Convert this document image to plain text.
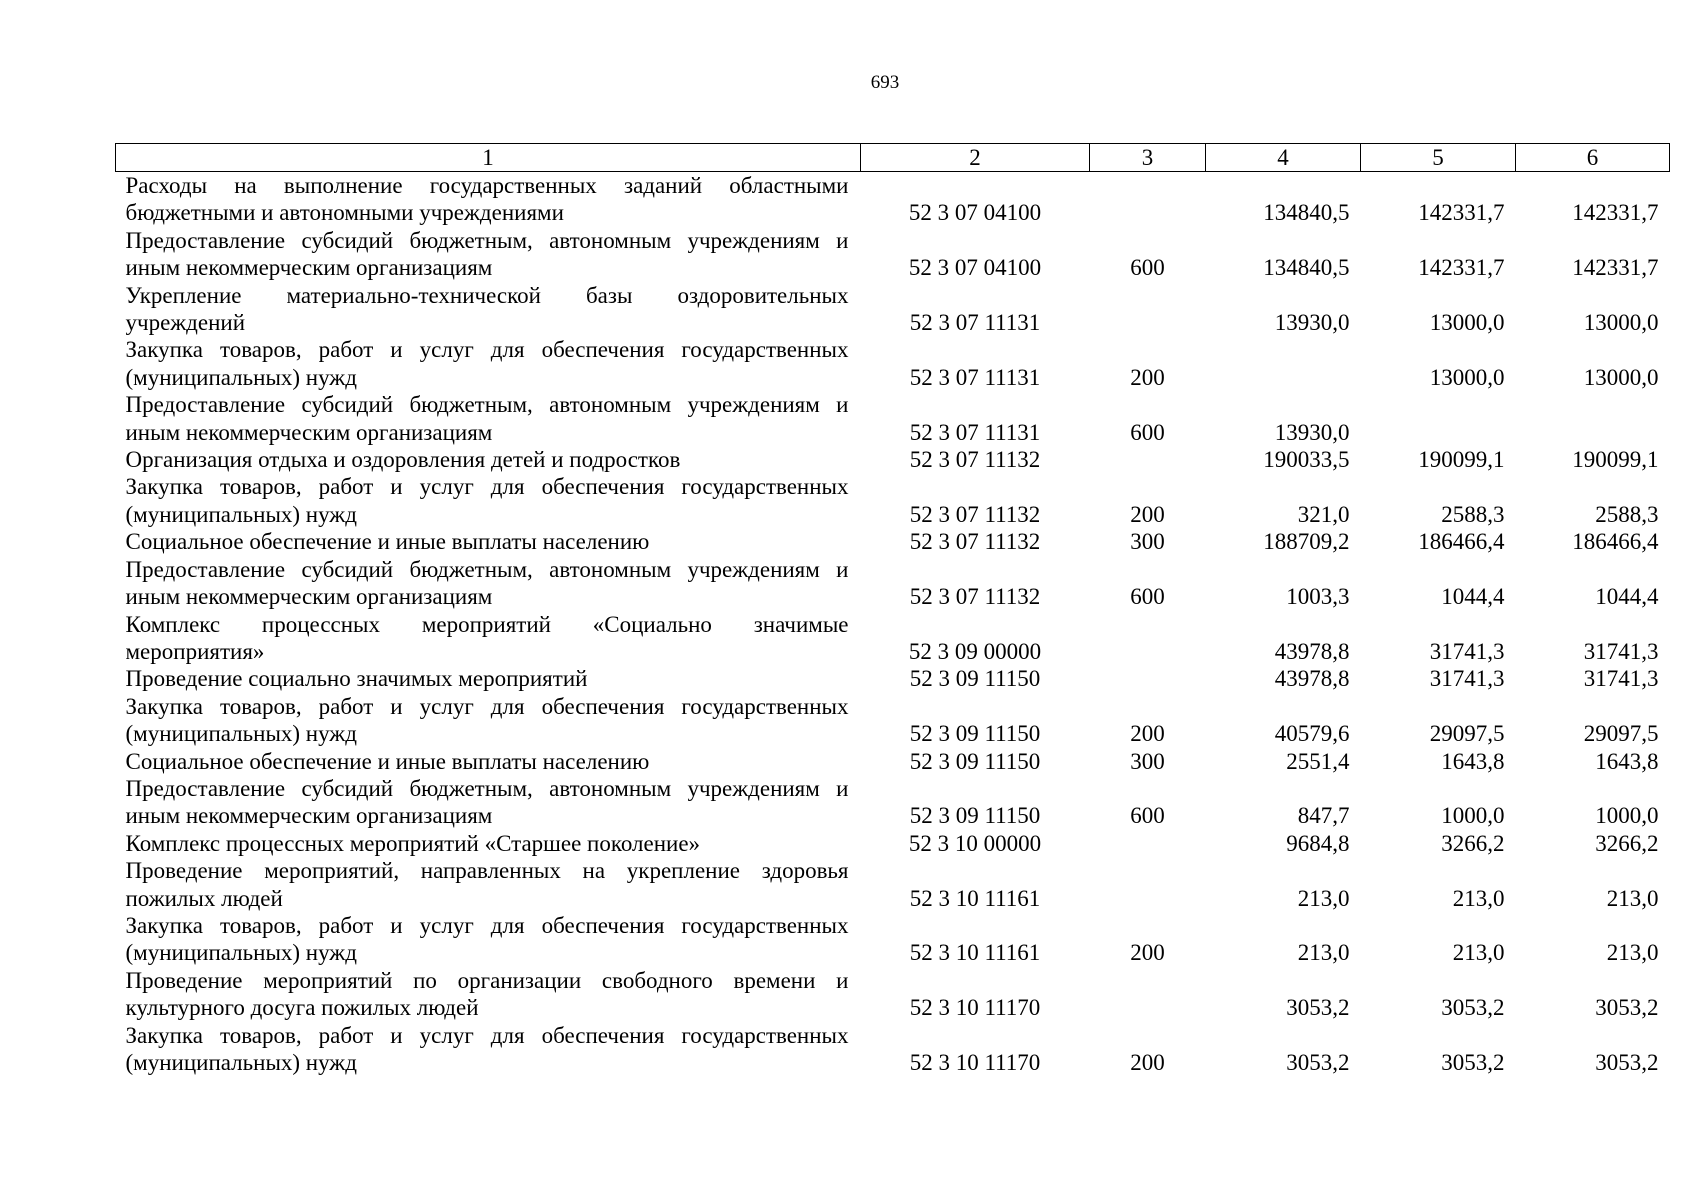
693
1	2	3	4	5	6
Расходы на выполнение государственных заданий областными бюджетными и автономными учреждениями	52 3 07 04100		134840,5	142331,7	142331,7
Предоставление субсидий бюджетным, автономным учреждениям и иным некоммерческим организациям	52 3 07 04100	600	134840,5	142331,7	142331,7
Укрепление материально-технической базы оздоровительных учреждений	52 3 07 11131		13930,0	13000,0	13000,0
Закупка товаров, работ и услуг для обеспечения государственных (муниципальных) нужд	52 3 07 11131	200		13000,0	13000,0
Предоставление субсидий бюджетным, автономным учреждениям и иным некоммерческим организациям	52 3 07 11131	600	13930,0		
Организация отдыха и оздоровления детей и подростков	52 3 07 11132		190033,5	190099,1	190099,1
Закупка товаров, работ и услуг для обеспечения государственных (муниципальных) нужд	52 3 07 11132	200	321,0	2588,3	2588,3
Социальное обеспечение и иные выплаты населению	52 3 07 11132	300	188709,2	186466,4	186466,4
Предоставление субсидий бюджетным, автономным учреждениям и иным некоммерческим организациям	52 3 07 11132	600	1003,3	1044,4	1044,4
Комплекс процессных мероприятий «Социально значимые мероприятия»	52 3 09 00000		43978,8	31741,3	31741,3
Проведение социально значимых мероприятий	52 3 09 11150		43978,8	31741,3	31741,3
Закупка товаров, работ и услуг для обеспечения государственных (муниципальных) нужд	52 3 09 11150	200	40579,6	29097,5	29097,5
Социальное обеспечение и иные выплаты населению	52 3 09 11150	300	2551,4	1643,8	1643,8
Предоставление субсидий бюджетным, автономным учреждениям и иным некоммерческим организациям	52 3 09 11150	600	847,7	1000,0	1000,0
Комплекс процессных мероприятий «Старшее поколение»	52 3 10 00000		9684,8	3266,2	3266,2
Проведение мероприятий, направленных на укрепление здоровья пожилых людей	52 3 10 11161		213,0	213,0	213,0
Закупка товаров, работ и услуг для обеспечения государственных (муниципальных) нужд	52 3 10 11161	200	213,0	213,0	213,0
Проведение мероприятий по организации свободного времени и культурного досуга пожилых людей	52 3 10 11170		3053,2	3053,2	3053,2
Закупка товаров, работ и услуг для обеспечения государственных (муниципальных) нужд	52 3 10 11170	200	3053,2	3053,2	3053,2
